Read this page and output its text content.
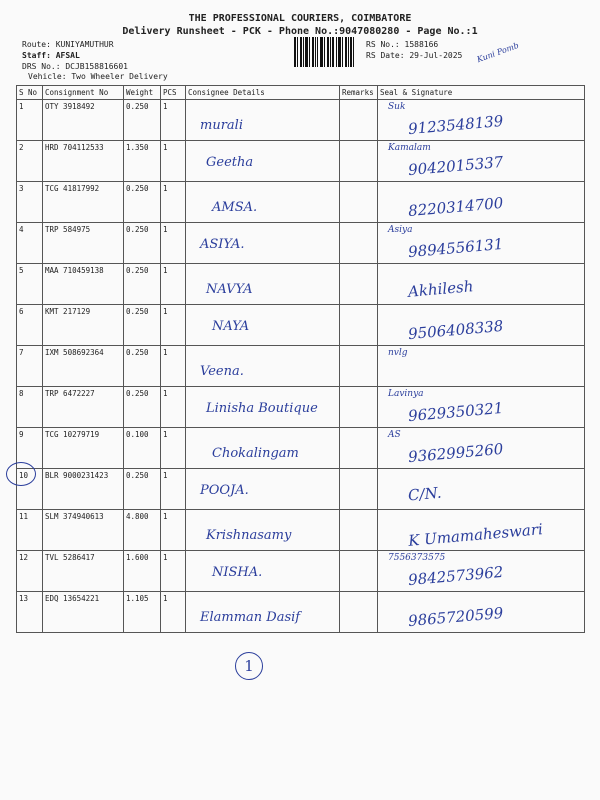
THE PROFESSIONAL COURIERS, COIMBATORE
Delivery Runsheet - PCK - Phone No.:9047080280 - Page No.:1
Route: KUNIYAMUTHUR
Staff: AFSAL
DRS No.: DCJB158816601
Vehicle: Two Wheeler Delivery
RS No.: 1588166
RS Date: 29-Jul-2025 Kuni Pomb
S No	Consignment No	Weight	PCS	Consignee Details	Remarks	Seal & Signature
1	OTY 3918492	0.250	1	murali		Suk
9123548139

2	HRD 704112533	1.350	1	Geetha		Kamalam
9042015337

3	TCG 41817992	0.250	1	AMSA.		8220314700

4	TRP 584975	0.250	1	ASIYA.		Asiya
9894556131

5	MAA 710459138	0.250	1	NAVYA		Akhilesh

6	KMT 217129	0.250	1	NAYA		9506408338

7	IXM 508692364	0.250	1	Veena.		nvlg

8	TRP 6472227	0.250	1	Linisha Boutique		Lavinya
9629350321

9	TCG 10279719	0.100	1	Chokalingam		AS
9362995260

10	BLR 9000231423	0.250	1	POOJA.		C/N.

11	SLM 374940613	4.800	1	Krishnasamy		K Umamaheswari

12	TVL 5286417	1.600	1	NISHA.		7556373575
9842573962

13	EDQ 13654221	1.105	1	Elamman Dasif		9865720599
1
